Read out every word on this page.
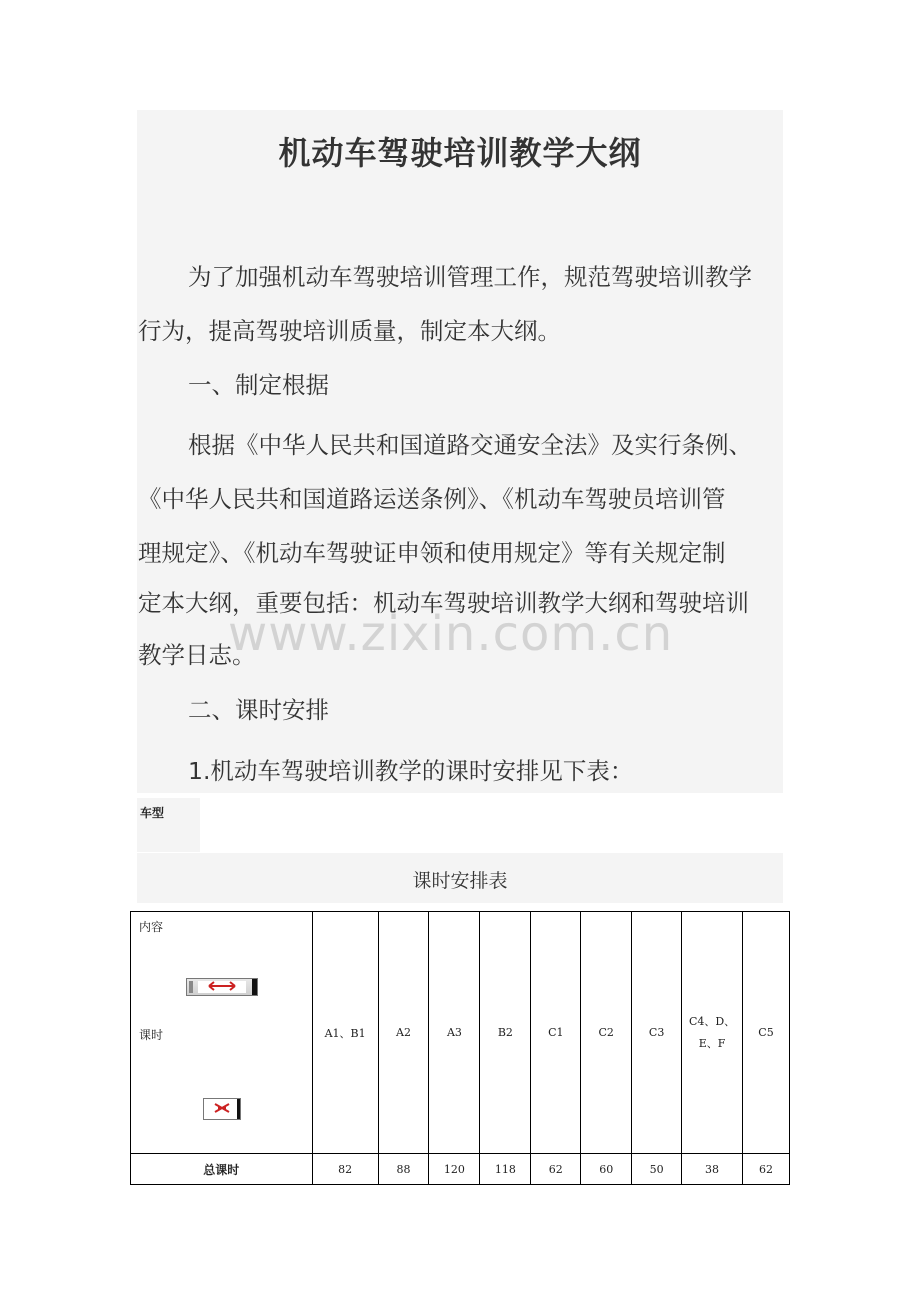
机动车驾驶培训教学大纲
为了加强机动车驾驶培训管理工作，规范驾驶培训教学
行为，提高驾驶培训质量，制定本大纲。
一、制定根据
根据《中华人民共和国道路交通安全法》及实行条例、
《中华人民共和国道路运送条例》、《机动车驾驶员培训管
理规定》、《机动车驾驶证申领和使用规定》等有关规定制
定本大纲，重要包括：机动车驾驶培训教学大纲和驾驶培训
教学日志。
二、课时安排
1.机动车驾驶培训教学的课时安排见下表：
www.zixin.com.cn
车型
课时安排表
内容
课时	A1、B1	A2	A3	B2	C1	C2	C3	C4、D、E、F	C5
总课时	82	88	120	118	62	60	50	38	62
